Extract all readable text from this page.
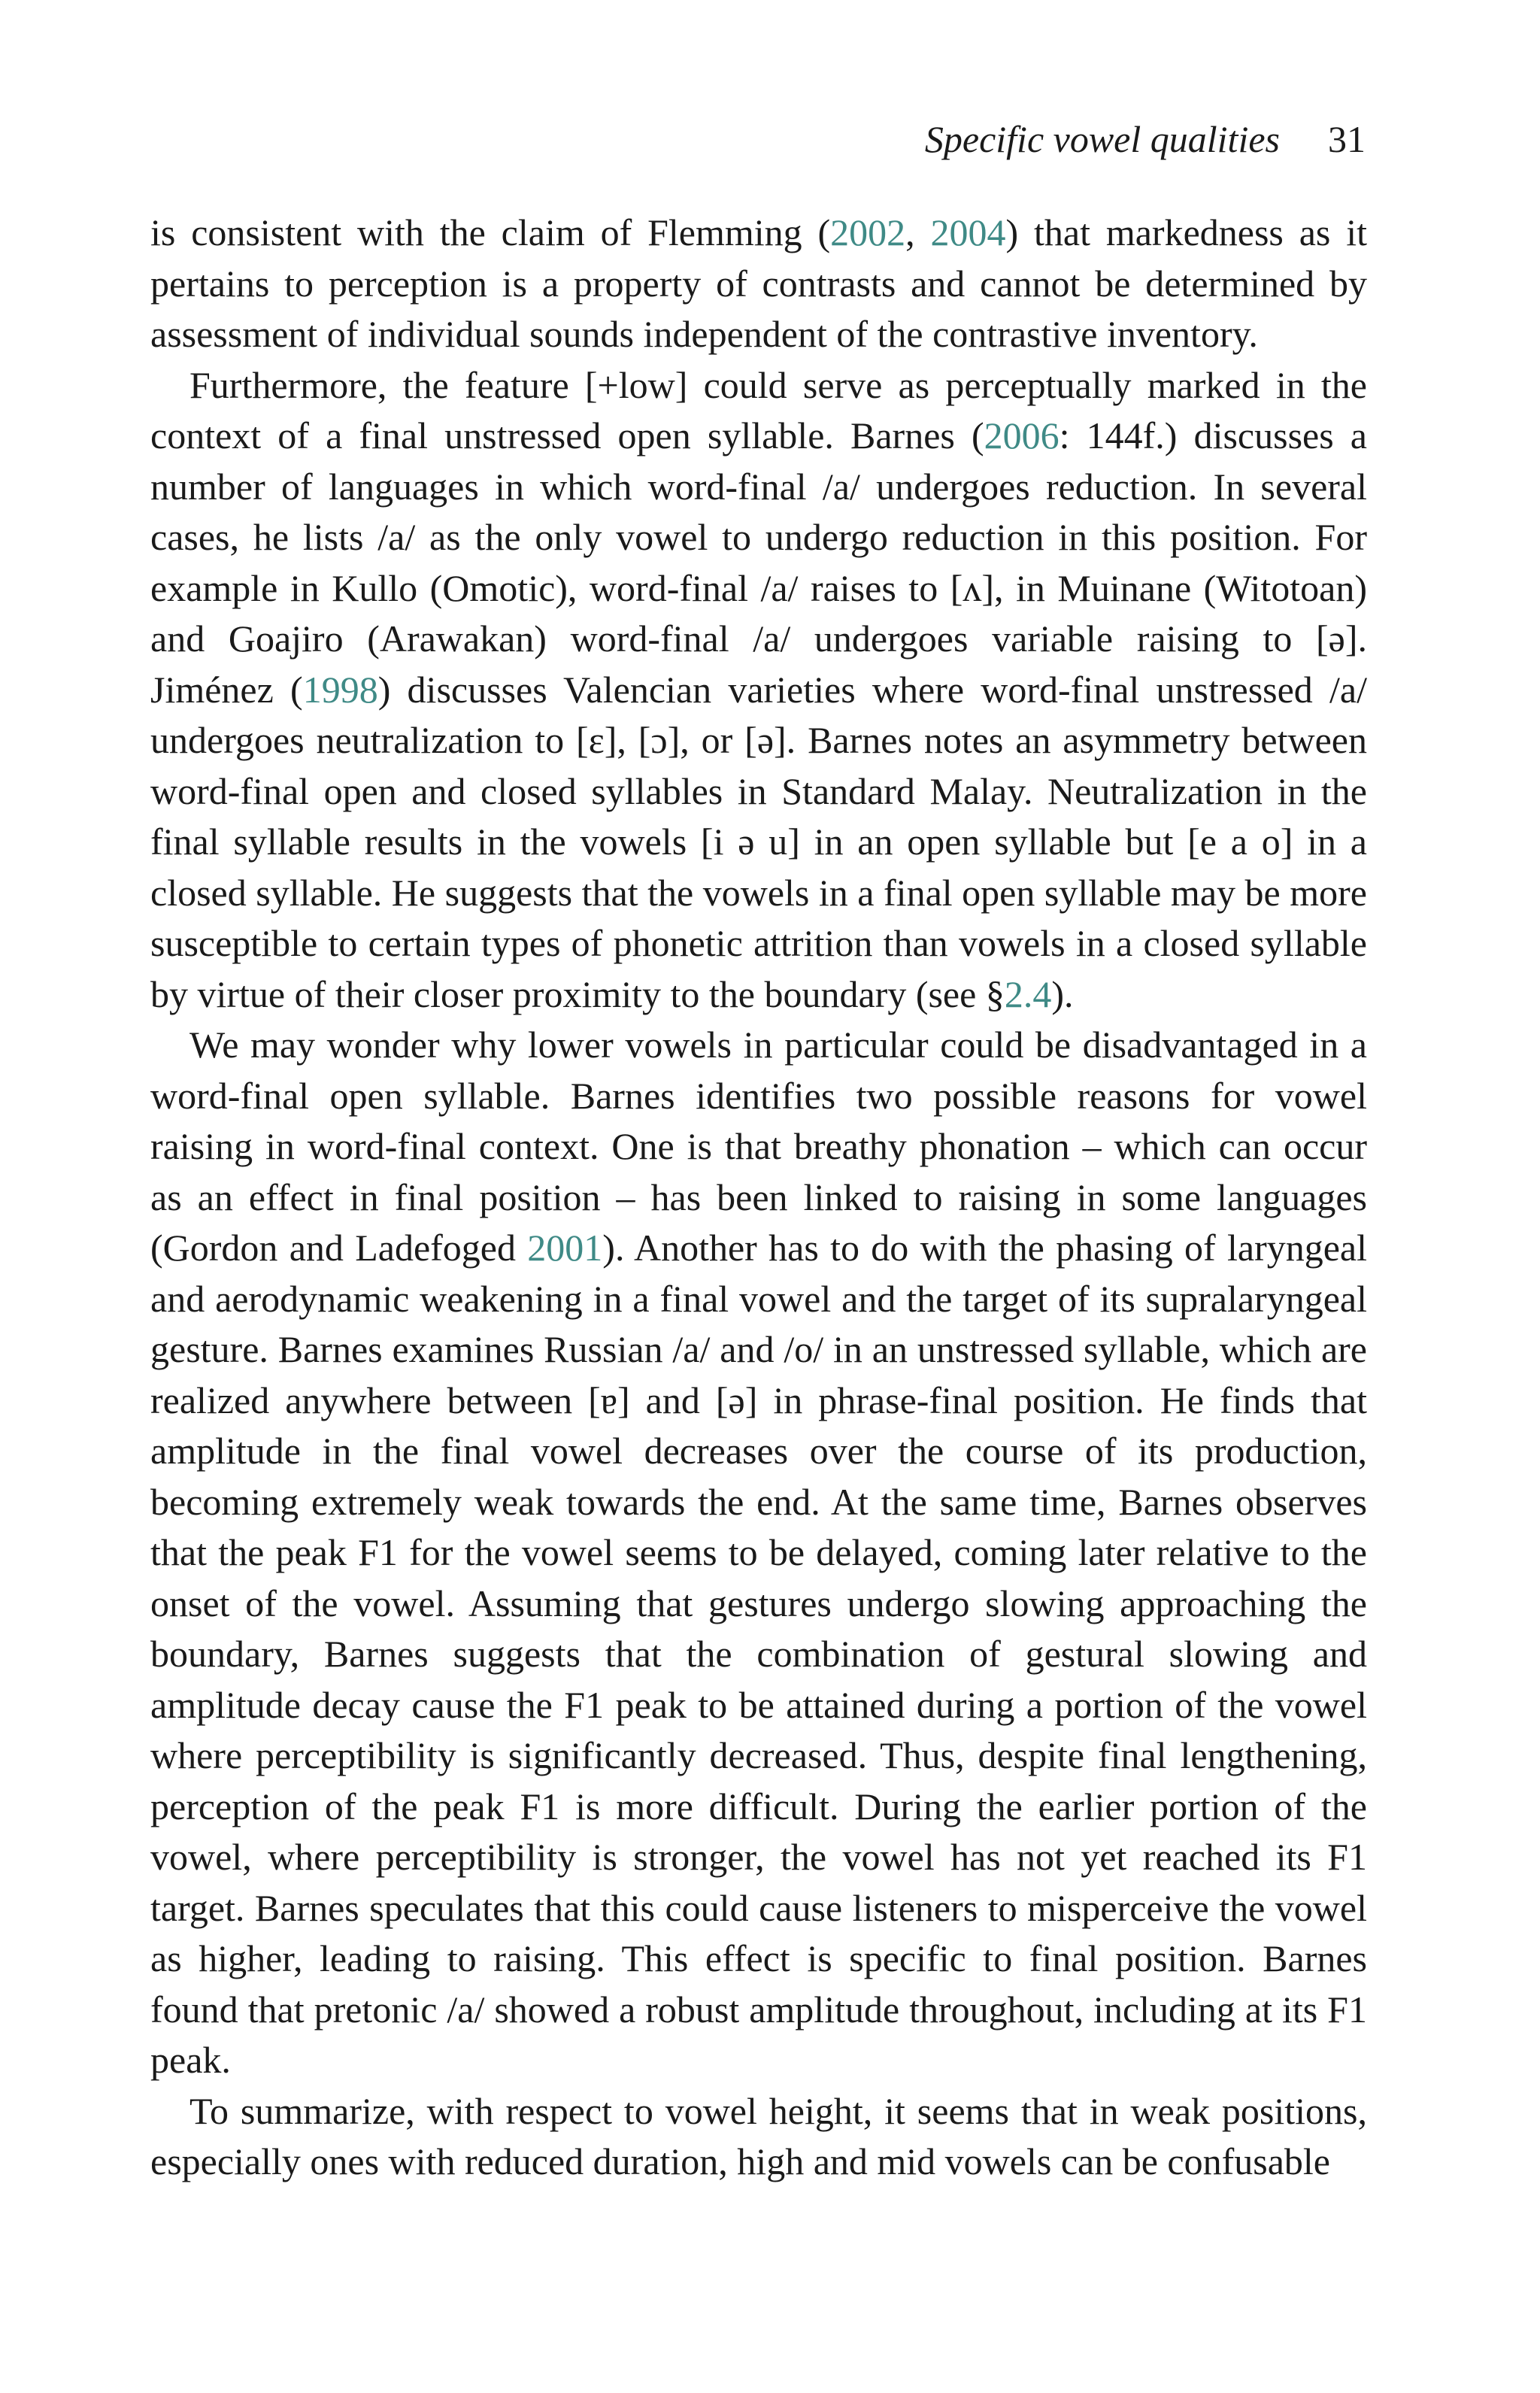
Specific vowel qualities 31

is consistent with the claim of Flemming (2002, 2004) that markedness as it pertains to perception is a property of contrasts and cannot be determined by assessment of individual sounds independent of the contrastive inventory.

Furthermore, the feature [+low] could serve as perceptually marked in the context of a final unstressed open syllable. Barnes (2006: 144f.) discusses a number of languages in which word-final /a/ undergoes reduction. In several cases, he lists /a/ as the only vowel to undergo reduction in this position. For example in Kullo (Omotic), word-final /a/ raises to [ʌ], in Muinane (Witotoan) and Goajiro (Arawakan) word-final /a/ undergoes variable raising to [ə]. Jiménez (1998) discusses Valencian varieties where word-final unstressed /a/ undergoes neutralization to [ɛ], [ɔ], or [ə]. Barnes notes an asymmetry between word-final open and closed syllables in Standard Malay. Neutralization in the final syllable results in the vowels [i ə u] in an open syllable but [e a o] in a closed syllable. He suggests that the vowels in a final open syllable may be more susceptible to certain types of phonetic attrition than vowels in a closed syllable by virtue of their closer proximity to the boundary (see §2.4).

We may wonder why lower vowels in particular could be disadvantaged in a word-final open syllable. Barnes identifies two possible reasons for vowel raising in word-final context. One is that breathy phonation – which can occur as an effect in final position – has been linked to raising in some languages (Gordon and Ladefoged 2001). Another has to do with the phasing of laryngeal and aerodynamic weakening in a final vowel and the target of its supralaryngeal gesture. Barnes examines Russian /a/ and /o/ in an unstressed syllable, which are realized anywhere between [ɐ] and [ə] in phrase-final position. He finds that amplitude in the final vowel decreases over the course of its production, becoming extremely weak towards the end. At the same time, Barnes observes that the peak F1 for the vowel seems to be delayed, coming later relative to the onset of the vowel. Assuming that gestures undergo slowing approaching the boundary, Barnes suggests that the combination of gestural slowing and amplitude decay cause the F1 peak to be attained during a portion of the vowel where perceptibility is significantly decreased. Thus, despite final lengthening, perception of the peak F1 is more difficult. During the earlier portion of the vowel, where perceptibility is stronger, the vowel has not yet reached its F1 target. Barnes speculates that this could cause listeners to misperceive the vowel as higher, leading to raising. This effect is specific to final position. Barnes found that pretonic /a/ showed a robust amplitude throughout, including at its F1 peak.

To summarize, with respect to vowel height, it seems that in weak positions, especially ones with reduced duration, high and mid vowels can be confusable
